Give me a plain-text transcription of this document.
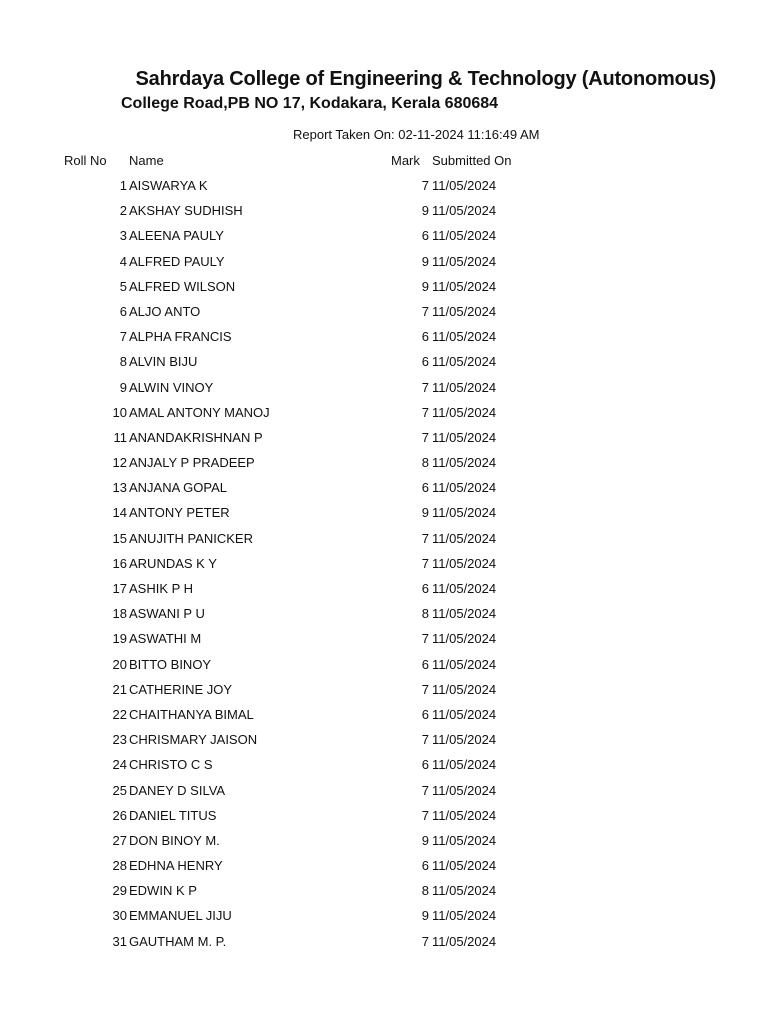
Sahrdaya College of Engineering & Technology (Autonomous)
College Road,PB NO 17, Kodakara, Kerala 680684
Report Taken On: 02-11-2024 11:16:49 AM
Roll No Name	Mark Submitted On
1 AISWARYA K	7 11/05/2024
2 AKSHAY SUDHISH	9 11/05/2024
3 ALEENA PAULY	6 11/05/2024
4 ALFRED PAULY	9 11/05/2024
5 ALFRED WILSON	9 11/05/2024
6 ALJO ANTO	7 11/05/2024
7 ALPHA FRANCIS	6 11/05/2024
8 ALVIN BIJU	6 11/05/2024
9 ALWIN VINOY	7 11/05/2024
10 AMAL ANTONY MANOJ	7 11/05/2024
11 ANANDAKRISHNAN P	7 11/05/2024
12 ANJALY P PRADEEP	8 11/05/2024
13 ANJANA GOPAL	6 11/05/2024
14 ANTONY PETER	9 11/05/2024
15 ANUJITH PANICKER	7 11/05/2024
16 ARUNDAS K Y	7 11/05/2024
17 ASHIK P H	6 11/05/2024
18 ASWANI P U	8 11/05/2024
19 ASWATHI M	7 11/05/2024
20 BITTO BINOY	6 11/05/2024
21 CATHERINE JOY	7 11/05/2024
22 CHAITHANYA BIMAL	6 11/05/2024
23 CHRISMARY JAISON	7 11/05/2024
24 CHRISTO C S	6 11/05/2024
25 DANEY D SILVA	7 11/05/2024
26 DANIEL TITUS	7 11/05/2024
27 DON BINOY M.	9 11/05/2024
28 EDHNA HENRY	6 11/05/2024
29 EDWIN K P	8 11/05/2024
30 EMMANUEL JIJU	9 11/05/2024
31 GAUTHAM M. P.	7 11/05/2024
